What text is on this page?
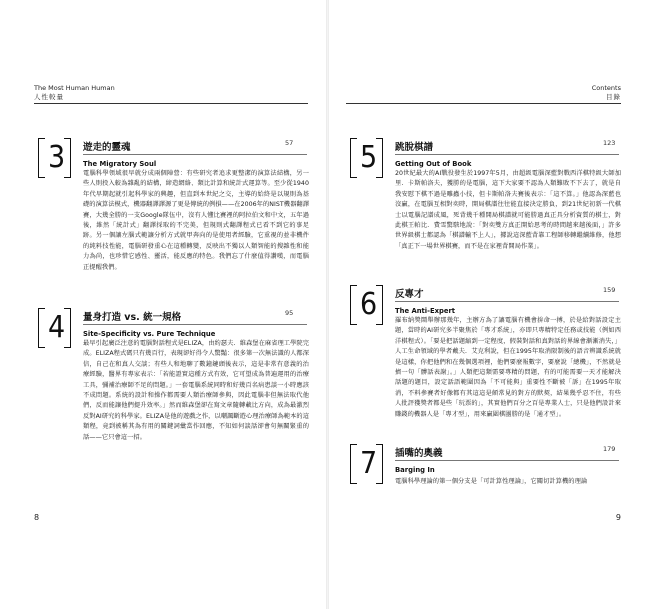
The Most Human Human
人性較量
3 遊走的靈魂	57
The Migratory Soul
電腦科學領域很早就分成兩個陣營：有些研究者追求更整潔的演算法結構，另一些人則投入較為雜亂的結構，締造網絡、類比計算和統計式運算等。至少從1940年代早期起就引起科學家的興趣，但直到本世紀之交，主導的始終是以規則為基礎的演算法模式，機器翻譯譯源了更是傳統的例損——在2006年的NIST機器翻譯賽，大幾全勝的一支Google隊伍中，沒有人懂比賽裡的阿拉伯文和中文，五年過後，維然「統計式」翻譯採取的不完美，但規則式翻譯程式已看不到它的事足跡。另一個讓左腦式範讓分析方式就甲奔向的是使用者經驗，它重視的並非機件的純料技性能，電腦研發重心在這種轉變，反映出不獨以人類智能的搜雜性和能力為尚，也珍惜它感性、靈活，能反應的特色。我們忘了什麼值得讚嘆，而電腦正提醒我們。
4 量身打造 vs. 統一規格	95
Site-Specificity vs. Pure Technique
最早引起廣泛注意的電腦對話程式是ELIZA，由約瑟夫．維森堡在麻省理工學院完成。ELIZA程式碼只有幾百行，表現卻好得令人驚豔：很多第一次無法識的人都深信，自己在和真人交談；有些人和地聊了數鐘鏈頭後表示，這是非常有意義的治療經驗，醫界有專家表示：「若能證實這種方式有效，它可望成為普遍運用的治療工具，彌補治療師不足的問題。」一套電腦系統同時和好幾百名病患談一小時應該不成問題。系統的設計和操作都需要人類治療師參與，因此電腦非但無法取代他們，反而能讓他們提升效率。」然而維森堡卻在寫文章隨轉載比方向，成為最激烈反對AI研究的科學家。ELIZA是他的遊戲之作，以嘲諷斷遊心理治療師為範本的這類程，竟到被稱其為有用的關鍵詞彙當作回應，不知如何談話卻會句無關緊重的話——它只會這一招。
8
Contents
目錄
5 跳脫棋譜	123
Getting Out of Book
20世紀最大的AI戰役發生於1997年5月，由超級電腦深藍對戰西洋棋特級大師加里．卡斯帕洛夫，獲勝的是電腦，這下大家要不認為人類難敗不下去了，就是自我安慰下棋不過是雕蟲小技，但卡斯帕洛夫賽後表示：「這不算。」他認為深藍也沒贏，在電腦互相對奕時，開局棋譜往往能直接決定勝負，到21世紀初新一代棋士以電腦記譜成風，死背幾千種開局棋譜就可能勝過真正具分析資質的棋士，對此棋王帕比．費雪驚駭地說：「對奕雙方真正開始思考的時間越來越後面，」許多世界級棋士都認為「棋譜輸不上人」，據說這深藍背靠工程師移轉繼續維修，他想「真正下一場世界棋賽，而不是在家裡背開局作業」。
6 反專才	159
The Anti-Expert
羅布納獎鬧舉辦那幾年，主辦方為了讓電腦有機會拚命一搏，於是給對話設定主題，當時的AI研究多半聚焦於「專才系統」，亦即只專精特定任務或技能（例如西洋棋程式）。「要是把話題縮到一定程度，假裝對話和真對話的界線會漸漸消失，」人工生命領域的學者戴夫．艾克利說，但在1995年取消限制後的語音辨識系統就是這樣，你把他們和在幾個選項裡，他們要麼報數字，要麼說「總機」，不然就是擠一句「髒話表謝」。」人類把這類需要專精的問題，有的可能需要一天才能解決話題的題目，設定話語範圍因為「不可能與」重要性不斷被「訴」在1995年取消，不料參賽者好像都有其這這是頗常見的對方的默契，結果幾乎忍不住，有些人批評獲獎者都是些「玩票的」，其實他們百分之百是專業人士，只是他們設計來賺錢的機器人是「專才型」，用來贏圍棋團勝的是「通才型」。
7 插嘴的奧義	179
Barging In
電腦科學理論的第一個分支是「可計算性理論」，它關切計算機的理論
9
